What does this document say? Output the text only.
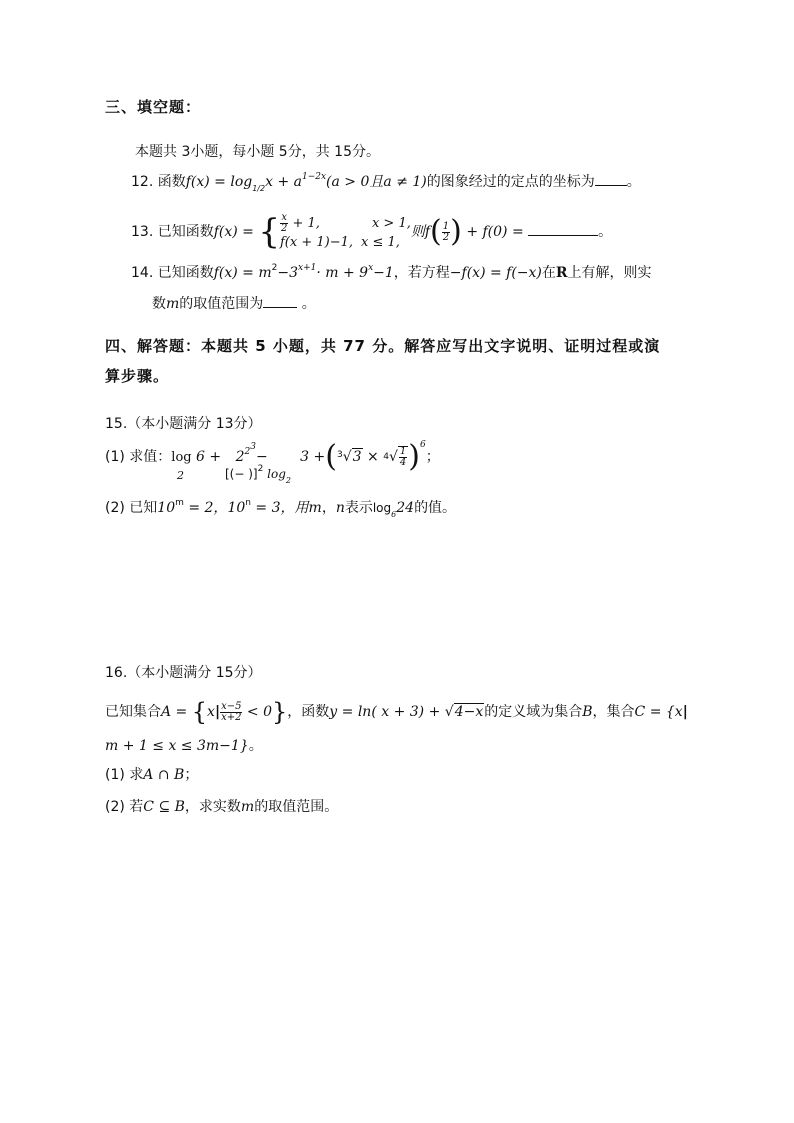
三、填空题：
本题共 3小题，每小题 5分，共 15分。
12. 函数$f(x) = \log_{1/2}x + a^{1-2x}(a > 0$且a ≠ 1)的图象经过的定点的坐标为 。
13. 已知函数f(x) = { $\frac{x}{2} + 1$,	x > 1,
f(x + 1)−1, x ≤ 1,
则$f( \frac{1}{2}$ ) + f(0) =	。
14. 已知函数$f(x) = m^2-3^{x+1}\cdot m + 9^x-1$，若方程−f(x) = f(−x)在R上有解，则实
数m的取值范围为	。
四、解答题：本题共 5 小题，共 77 分。解答应写出文字说明、证明过程或演
算步骤。
15.（本小题满分 13分）
(1) 求值：log 6 +
2
$2^{23}-$
[(− )]$^2$ $\log_2$
$3 +(^3√3 \times 4√ \frac{1}{4} )^6$；
(2) 已知$10^m = 2$，$10^n = 3$，用m，n表示$\log_624$的值。
16.（本小题满分 15分）
已知集合$A = \{x| \frac{x-5}{x+2} < 0\}$，函数y = ln( x + 3) + √4−x的定义域为集合B，集合C = {x|
m + 1 ≤ x ≤ 3m−1}。
(1) 求A ∩ B；
(2) 若C ⊆ B，求实数m的取值范围。
